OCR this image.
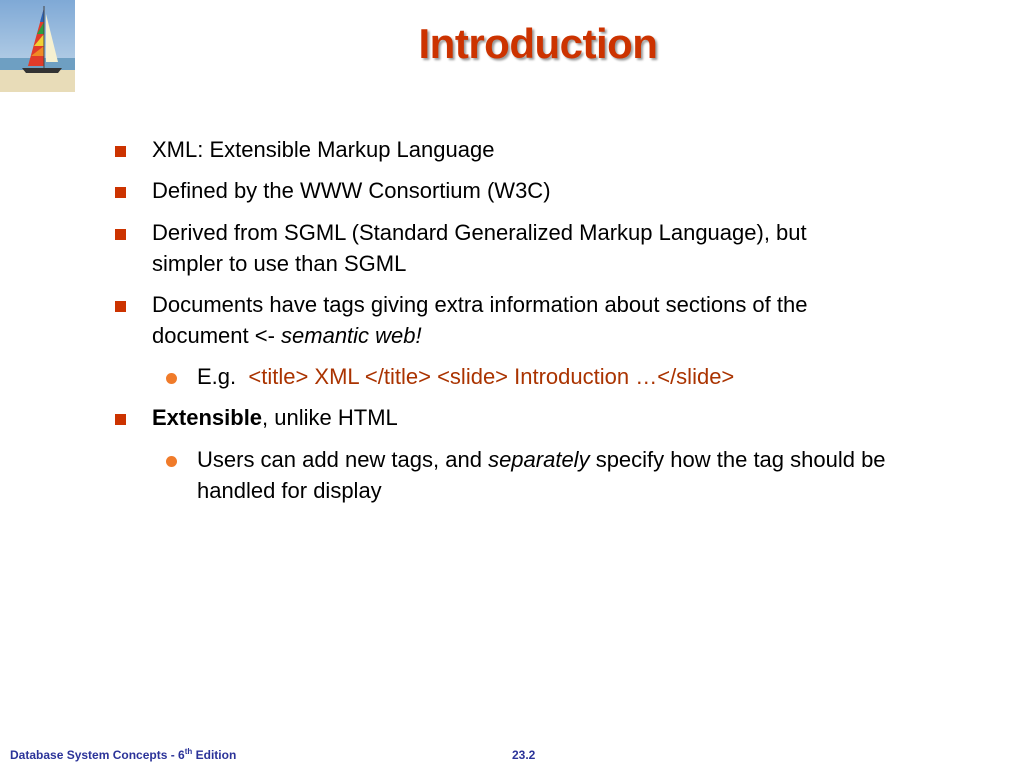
Introduction
XML: Extensible Markup Language
Defined by the WWW Consortium (W3C)
Derived from SGML (Standard Generalized Markup Language), but
simpler to use than SGML
Documents have tags giving extra information about sections of the
document <- semantic web!
E.g.  <title> XML </title> <slide> Introduction …</slide>
Extensible, unlike HTML
Users can add new tags, and separately specify how the tag should be
handled for display
Database System Concepts - 6th Edition	23.2
